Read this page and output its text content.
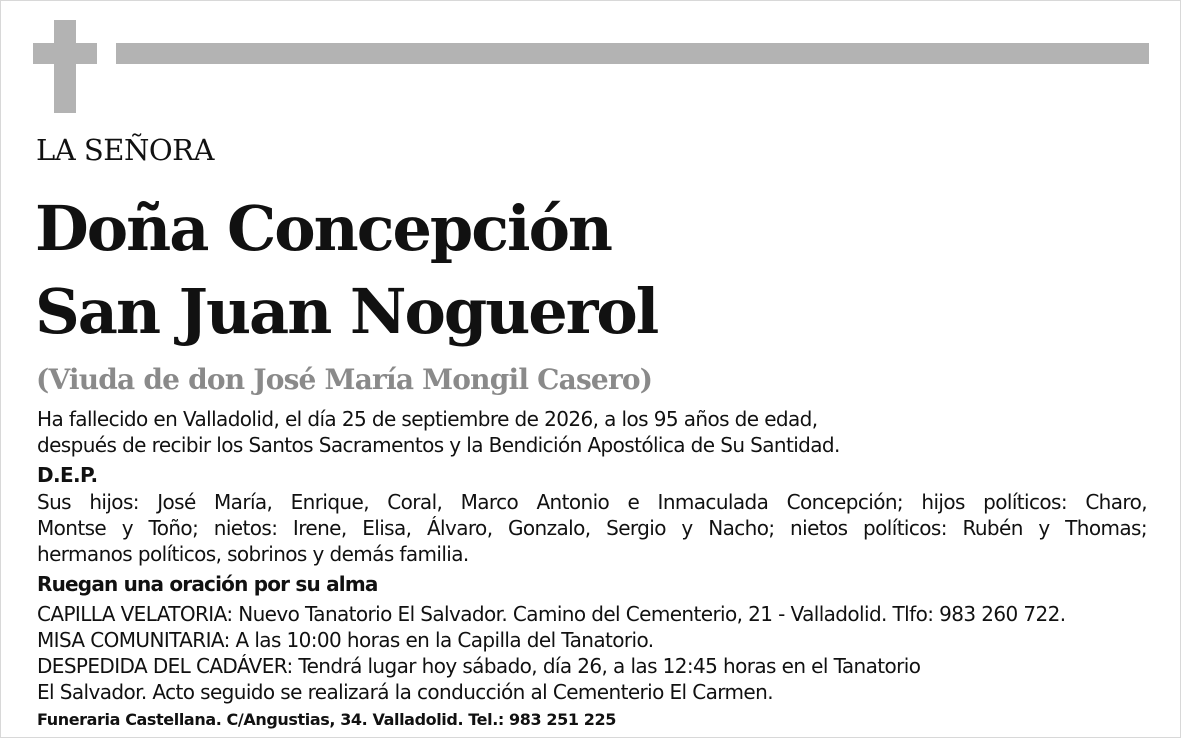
LA SEÑORA
Doña Concepción
San Juan Noguerol
(Viuda de don José María Mongil Casero)
Ha fallecido en Valladolid, el día 25 de septiembre de 2026, a los 95 años de edad,
después de recibir los Santos Sacramentos y la Bendición Apostólica de Su Santidad.
D.E.P.
Sus hijos: José María, Enrique, Coral, Marco Antonio e Inmaculada Concepción; hijos políticos: Charo,
Montse y Toño; nietos: Irene, Elisa, Álvaro, Gonzalo, Sergio y Nacho; nietos políticos: Rubén y Thomas;
hermanos políticos, sobrinos y demás familia.
Ruegan una oración por su alma
CAPILLA VELATORIA: Nuevo Tanatorio El Salvador. Camino del Cementerio, 21 - Valladolid. Tlfo: 983 260 722.
MISA COMUNITARIA: A las 10:00 horas en la Capilla del Tanatorio.
DESPEDIDA DEL CADÁVER: Tendrá lugar hoy sábado, día 26, a las 12:45 horas en el Tanatorio
El Salvador. Acto seguido se realizará la conducción al Cementerio El Carmen.
Funeraria Castellana. C/Angustias, 34. Valladolid. Tel.: 983 251 225
